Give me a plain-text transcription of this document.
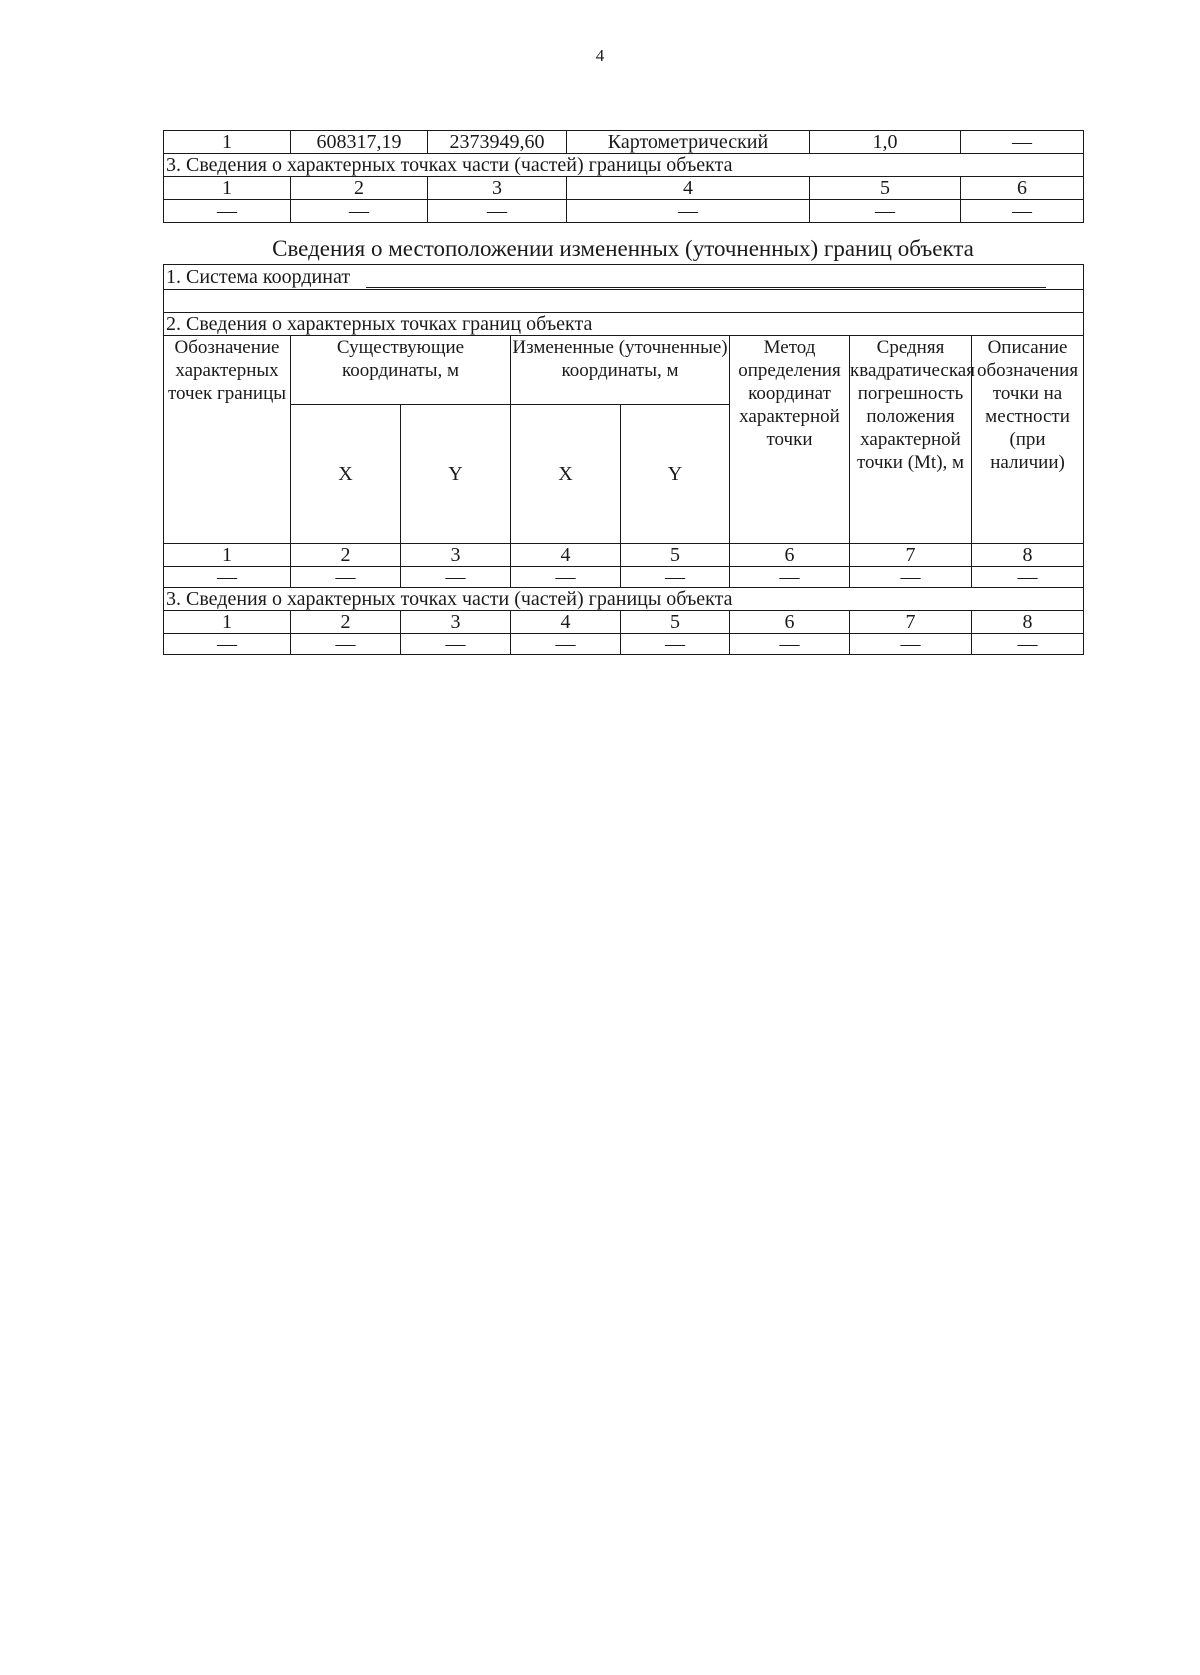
4
1	608317,19	2373949,60	Картометрический	1,0	—
3. Сведения о характерных точках части (частей) границы объекта					
1	2	3	4	5	6
—	—	—	—	—	—
Сведения о местоположении измененных (уточненных) границ объекта
1. Система координат							

2. Сведения о характерных точках границ объекта							
Обозначение характерных точек границы	Существующие координаты, м		Измененные (уточненные) координаты, м		Метод определения координат характерной точки	Средняя квадратическая погрешность положения характерной точки (Mt), м	Описание обозначения точки на местности (при наличии)
	X	Y	X	Y			
1	2	3	4	5	6	7	8
—	—	—	—	—	—	—	—
3. Сведения о характерных точках части (частей) границы объекта							
1	2	3	4	5	6	7	8
—	—	—	—	—	—	—	—
